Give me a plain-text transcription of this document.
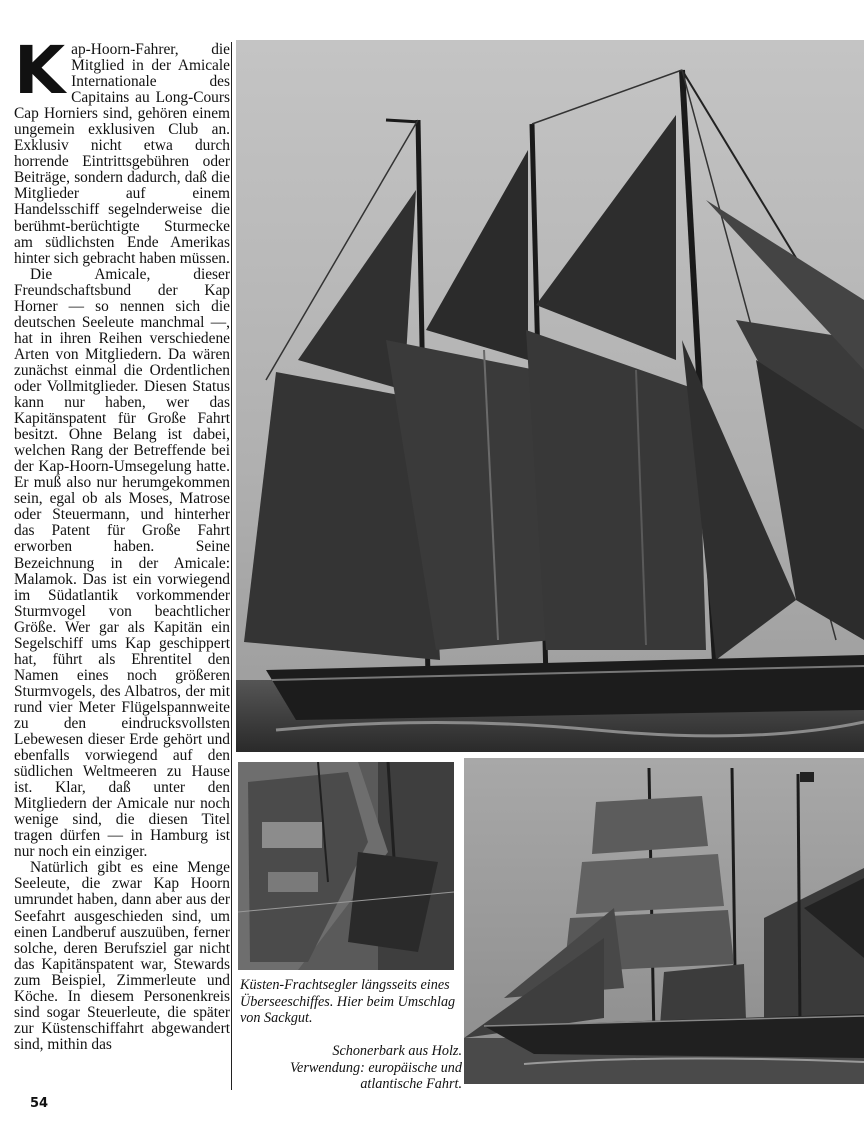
K ap-Hoorn-Fahrer, die Mitglied in der Amicale Internationale des Capitains au Long-Cours Cap Horniers sind, gehören einem ungemein exklusiven Club an. Exklusiv nicht etwa durch horrende Eintrittsgebühren oder Beiträge, sondern dadurch, daß die Mitglieder auf einem Handelsschiff segelnderweise die berühmt-berüchtigte Sturmecke am südlichsten Ende Amerikas hinter sich gebracht haben müssen.

Die Amicale, dieser Freundschaftsbund der Kap Horner — so nennen sich die deutschen Seeleute manchmal —, hat in ihren Reihen verschiedene Arten von Mitgliedern. Da wären zunächst einmal die Ordentlichen oder Vollmitglieder. Diesen Status kann nur haben, wer das Kapitänspatent für Große Fahrt besitzt. Ohne Belang ist dabei, welchen Rang der Betreffende bei der Kap-Hoorn-Umsegelung hatte. Er muß also nur herumgekommen sein, egal ob als Moses, Matrose oder Steuermann, und hinterher das Patent für Große Fahrt erworben haben. Seine Bezeichnung in der Amicale: Malamok. Das ist ein vorwiegend im Südatlantik vorkommender Sturmvogel von beachtlicher Größe. Wer gar als Kapitän ein Segelschiff ums Kap geschippert hat, führt als Ehrentitel den Namen eines noch größeren Sturmvogels, des Albatros, der mit rund vier Meter Flügelspannweite zu den eindrucksvollsten Lebewesen dieser Erde gehört und ebenfalls vorwiegend auf den südlichen Weltmeeren zu Hause ist. Klar, daß unter den Mitgliedern der Amicale nur noch wenige sind, die diesen Titel tragen dürfen — in Hamburg ist nur noch ein einziger.

Natürlich gibt es eine Menge Seeleute, die zwar Kap Hoorn umrundet haben, dann aber aus der Seefahrt ausgeschieden sind, um einen Landberuf auszuüben, ferner solche, deren Berufsziel gar nicht das Kapitänspatent war, Stewards zum Beispiel, Zimmerleute und Köche. In diesem Personenkreis sind sogar Steuerleute, die später zur Küstenschiffahrt abgewandert sind, mithin das

Küsten-Frachtsegler längsseits eines Überseeschiffes. Hier beim Umschlag von Sackgut.
Schonerbark aus Holz. Verwendung: europäische und atlantische Fahrt.
54
